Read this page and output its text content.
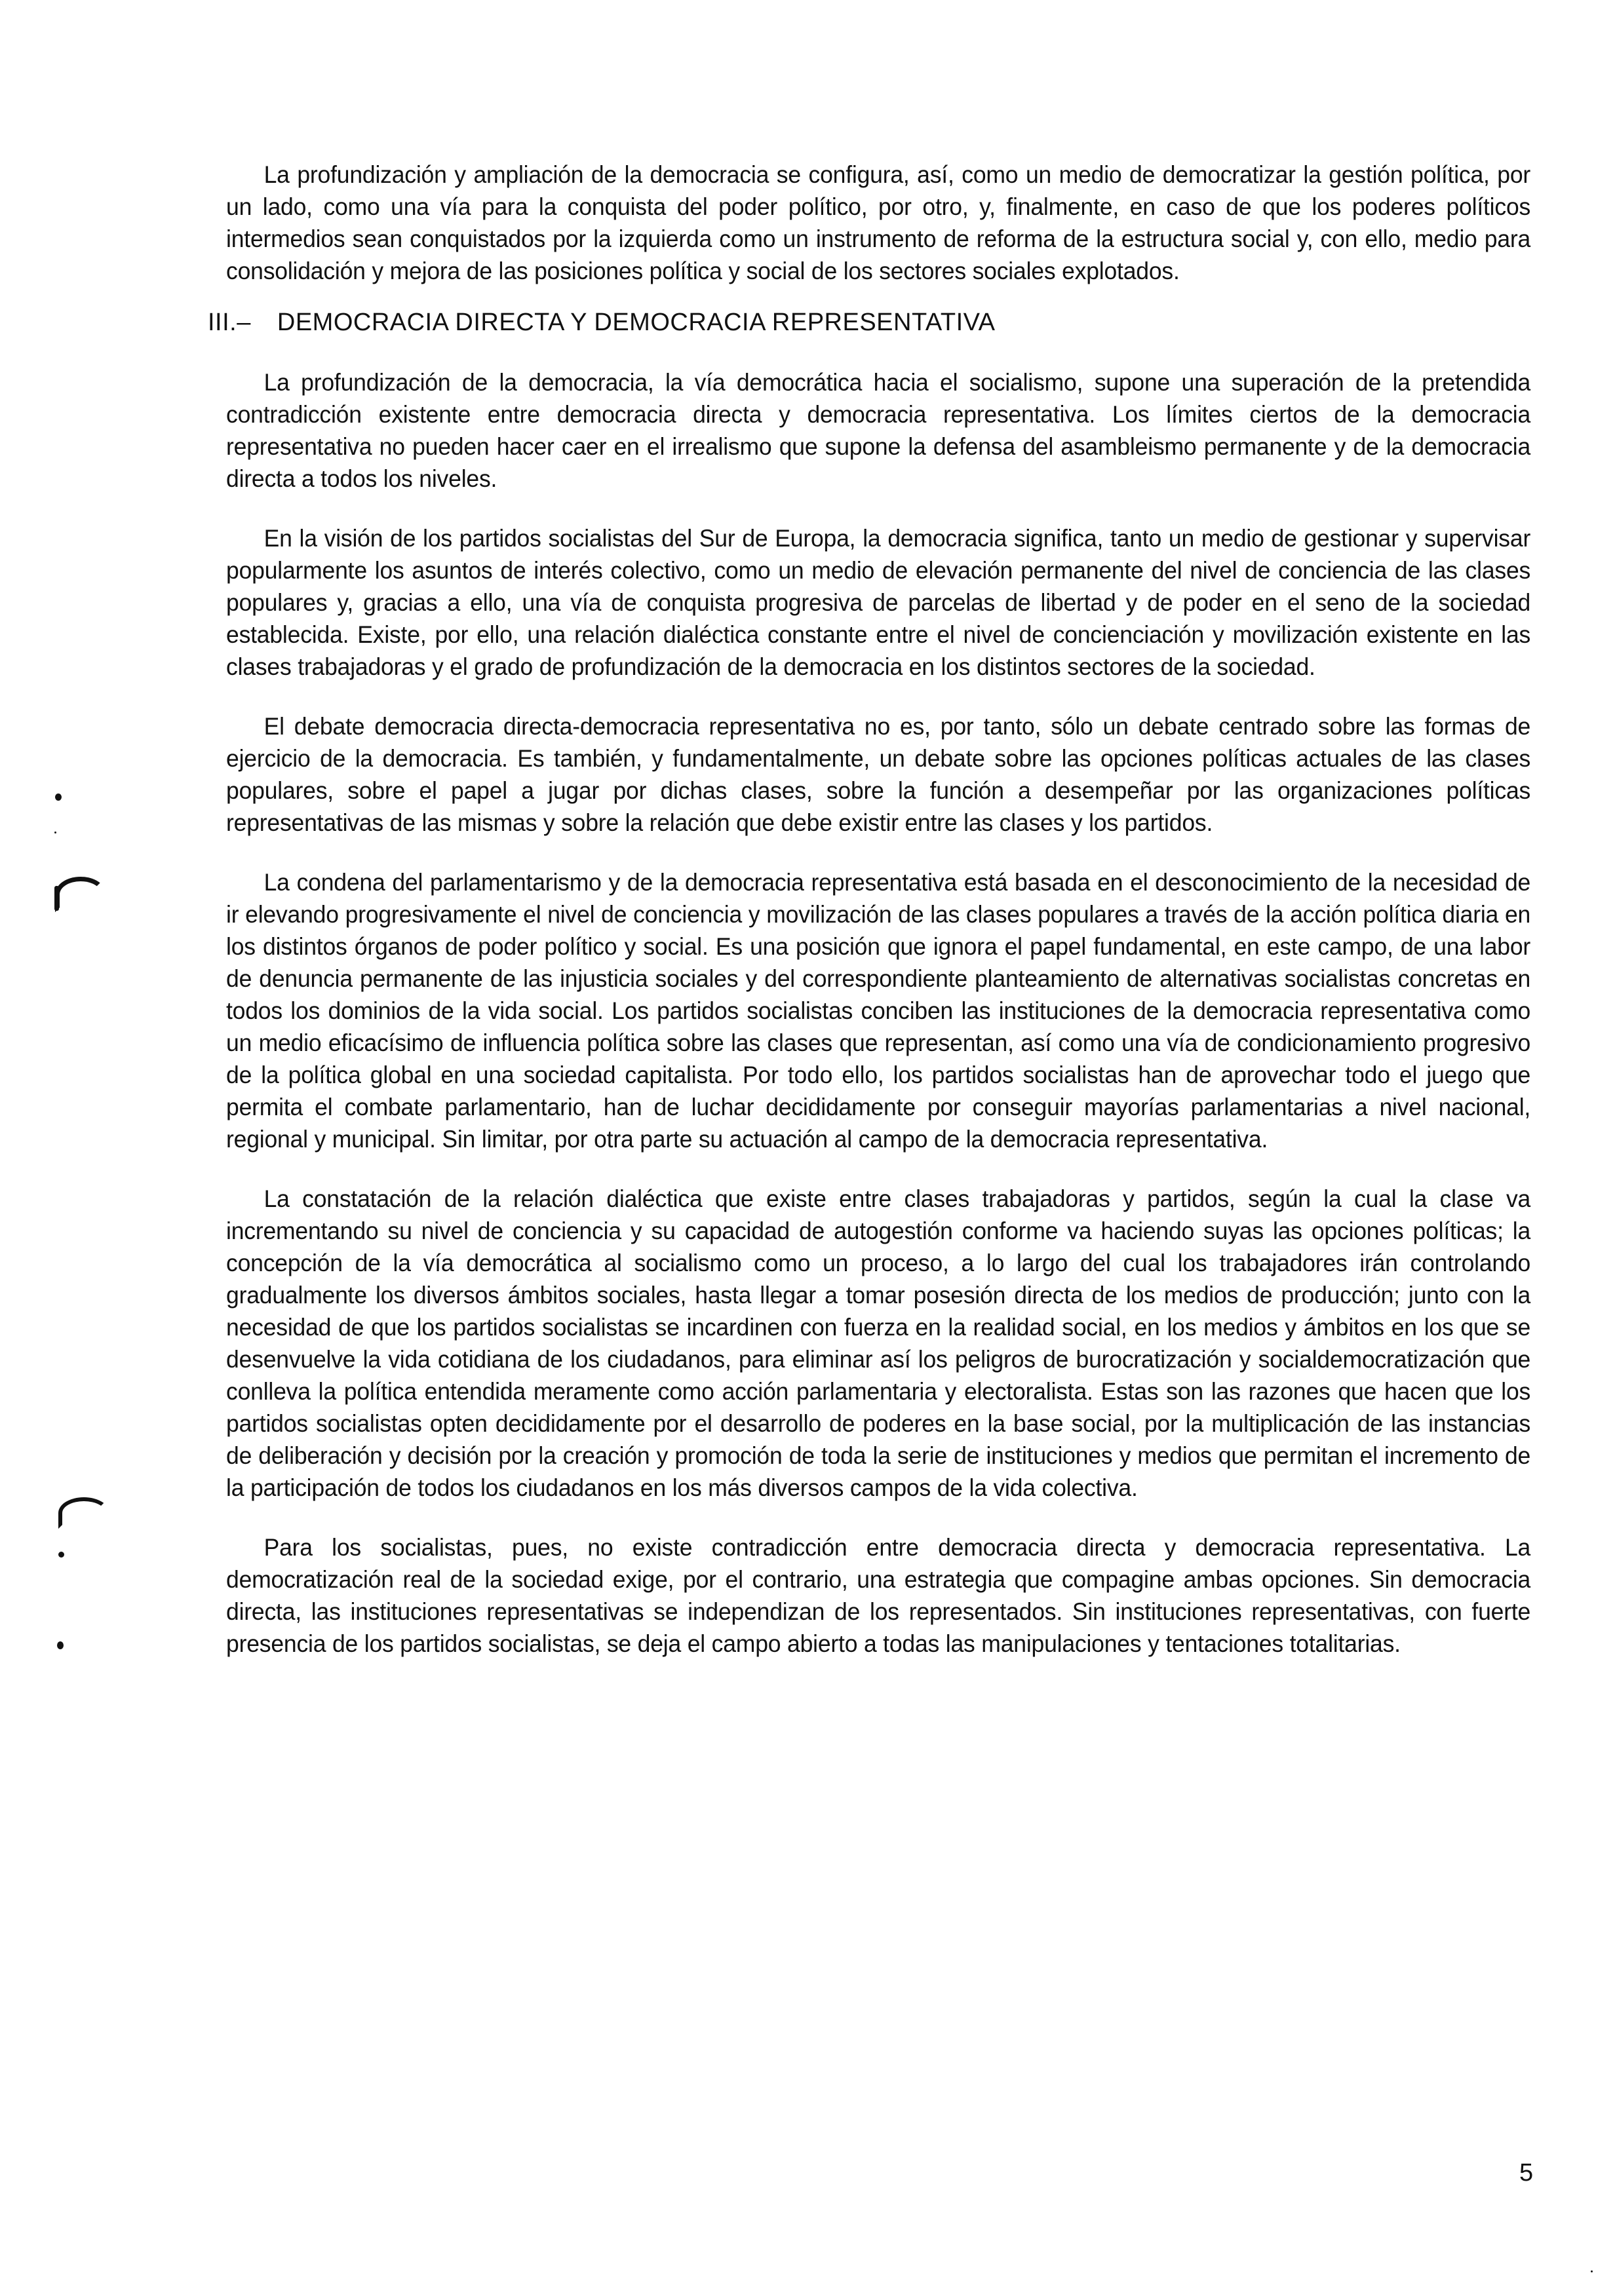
La profundización y ampliación de la democracia se configura, así, como un medio de democratizar la gestión política, por un lado, como una vía para la conquista del poder político, por otro, y, finalmente, en caso de que los poderes políticos intermedios sean conquistados por la izquierda como un instrumento de reforma de la estructura social y, con ello, medio para consolidación y mejora de las posiciones política y social de los sectores sociales explotados.

III.– DEMOCRACIA DIRECTA Y DEMOCRACIA REPRESENTATIVA

La profundización de la democracia, la vía democrática hacia el socialismo, supone una superación de la pretendida contradicción existente entre democracia directa y democracia representativa. Los límites ciertos de la democracia representativa no pueden hacer caer en el irrealismo que supone la defensa del asambleismo permanente y de la democracia directa a todos los niveles.

En la visión de los partidos socialistas del Sur de Europa, la democracia significa, tanto un medio de gestionar y supervisar popularmente los asuntos de interés colectivo, como un medio de elevación permanente del nivel de conciencia de las clases populares y, gracias a ello, una vía de conquista progresiva de parcelas de libertad y de poder en el seno de la sociedad establecida. Existe, por ello, una relación dialéctica constante entre el nivel de concienciación y movilización existente en las clases trabajadoras y el grado de profundización de la democracia en los distintos sectores de la sociedad.

El debate democracia directa-democracia representativa no es, por tanto, sólo un debate centrado sobre las formas de ejercicio de la democracia. Es también, y fundamentalmente, un debate sobre las opciones políticas actuales de las clases populares, sobre el papel a jugar por dichas clases, sobre la función a desempeñar por las organizaciones políticas representativas de las mismas y sobre la relación que debe existir entre las clases y los partidos.

La condena del parlamentarismo y de la democracia representativa está basada en el desconocimiento de la necesidad de ir elevando progresivamente el nivel de conciencia y movilización de las clases populares a través de la acción política diaria en los distintos órganos de poder político y social. Es una posición que ignora el papel fundamental, en este campo, de una labor de denuncia permanente de las injusticia sociales y del correspondiente planteamiento de alternativas socialistas concretas en todos los dominios de la vida social. Los partidos socialistas conciben las instituciones de la democracia representativa como un medio eficacísimo de influencia política sobre las clases que representan, así como una vía de condicionamiento progresivo de la política global en una sociedad capitalista. Por todo ello, los partidos socialistas han de aprovechar todo el juego que permita el combate parlamentario, han de luchar decididamente por conseguir mayorías parlamentarias a nivel nacional, regional y municipal. Sin limitar, por otra parte su actuación al campo de la democracia representativa.

La constatación de la relación dialéctica que existe entre clases trabajadoras y partidos, según la cual la clase va incrementando su nivel de conciencia y su capacidad de autogestión conforme va haciendo suyas las opciones políticas; la concepción de la vía democrática al socialismo como un proceso, a lo largo del cual los trabajadores irán controlando gradualmente los diversos ámbitos sociales, hasta llegar a tomar posesión directa de los medios de producción; junto con la necesidad de que los partidos socialistas se incardinen con fuerza en la realidad social, en los medios y ámbitos en los que se desenvuelve la vida cotidiana de los ciudadanos, para eliminar así los peligros de burocratización y socialdemocratización que conlleva la política entendida meramente como acción parlamentaria y electoralista. Estas son las razones que hacen que los partidos socialistas opten decididamente por el desarrollo de poderes en la base social, por la multiplicación de las instancias de deliberación y decisión por la creación y promoción de toda la serie de instituciones y medios que permitan el incremento de la participación de todos los ciudadanos en los más diversos campos de la vida colectiva.

Para los socialistas, pues, no existe contradicción entre democracia directa y democracia representativa. La democratización real de la sociedad exige, por el contrario, una estrategia que compagine ambas opciones. Sin democracia directa, las instituciones representativas se independizan de los representados. Sin instituciones representativas, con fuerte presencia de los partidos socialistas, se deja el campo abierto a todas las manipulaciones y tentaciones totalitarias.

5
